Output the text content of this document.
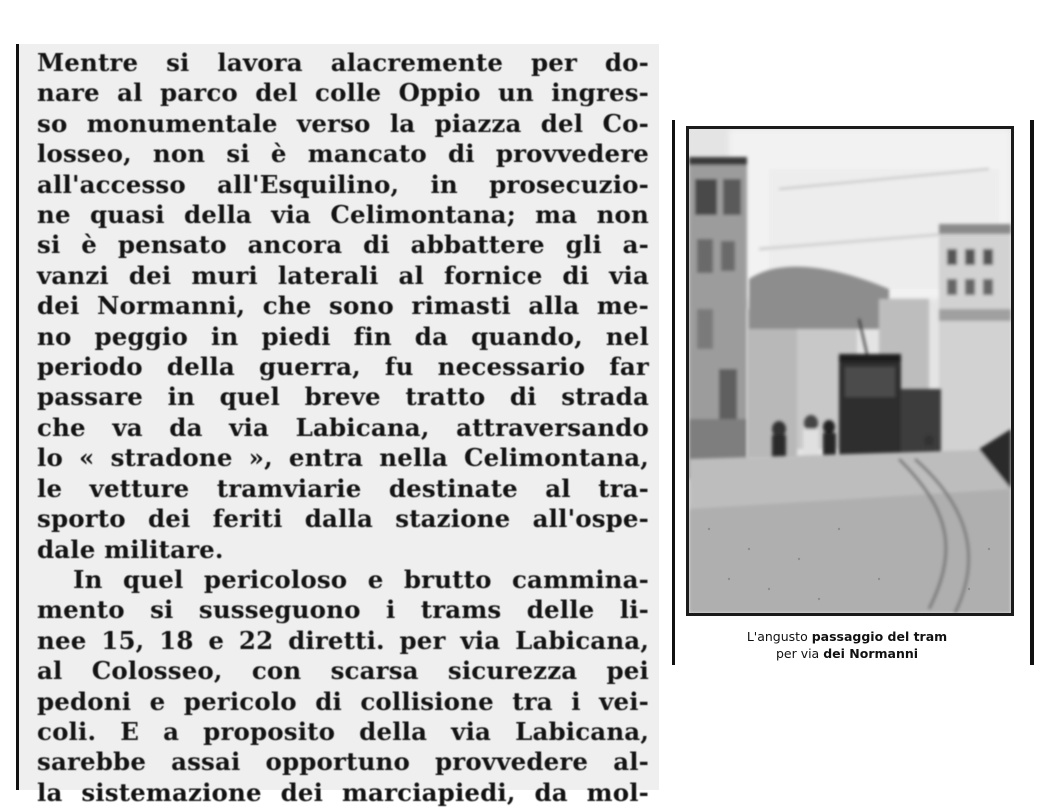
Mentre si lavora alacremente per do-
nare al parco del colle Oppio un ingres-
so monumentale verso la piazza del Co-
losseo, non si è mancato di provvedere
all'accesso all'Esquilino, in prosecuzio-
ne quasi della via Celimontana; ma non
si è pensato ancora di abbattere gli a-
vanzi dei muri laterali al fornice di via
dei Normanni, che sono rimasti alla me-
no peggio in piedi fin da quando, nel
periodo della guerra, fu necessario far
passare in quel breve tratto di strada
che va da via Labicana, attraversando
lo « stradone », entra nella Celimontana,
le vetture tramviarie destinate al tra-
sporto dei feriti dalla stazione all'ospe-
dale militare.
In quel pericoloso e brutto camminа-
mento si susseguono i trams delle li-
nee 15, 18 e 22 diretti. per via Labicana,
al Colosseo, con scarsa sicurezza pei
pedoni e pericolo di collisione tra i vei-
coli. E a proposito della via Labicana,
sarebbe assai opportuno provvedere al-
la sistemazione dei marciapiedi, da mol-
L'angusto passaggio del tram
per via dei Normanni
